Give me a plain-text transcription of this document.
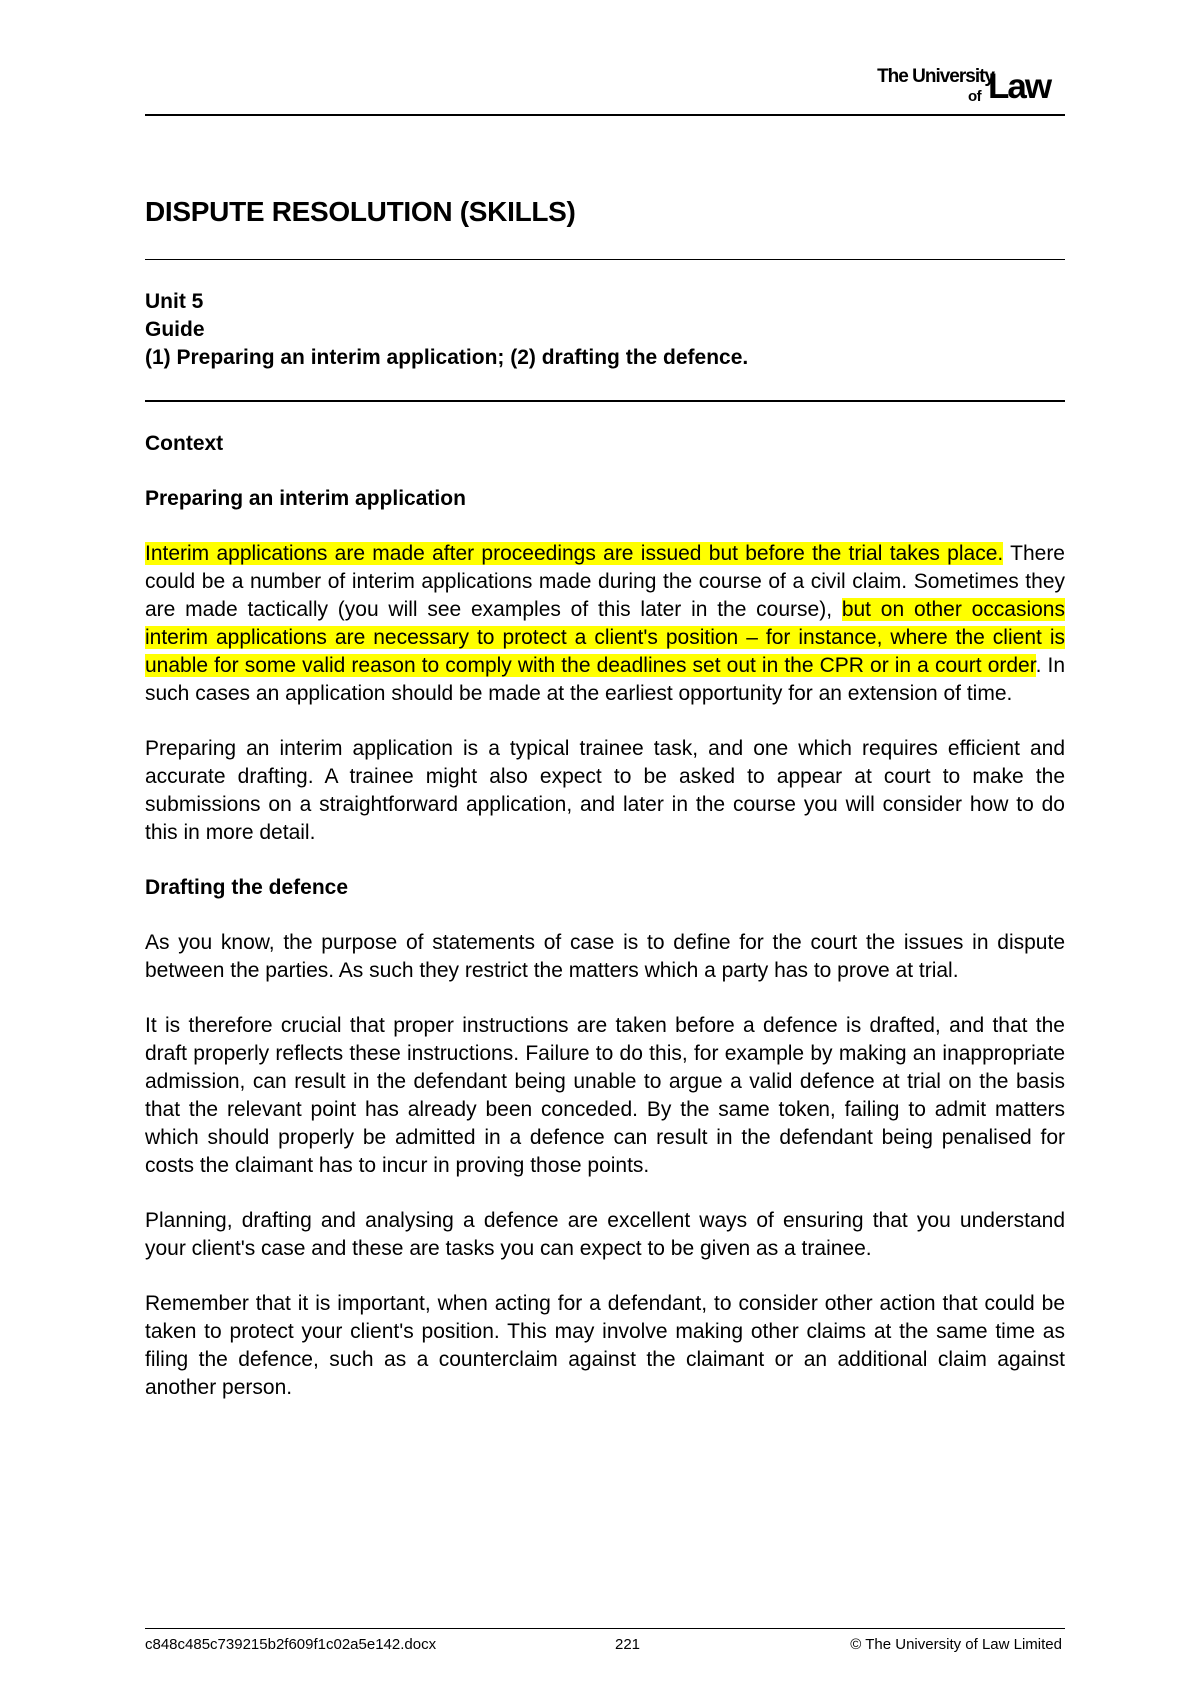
The University
of Law
DISPUTE RESOLUTION (SKILLS)
Unit 5
Guide
(1) Preparing an interim application; (2) drafting the defence.
Context
Preparing an interim application

Interim applications are made after proceedings are issued but before the trial takes place. There could be a number of interim applications made during the course of a civil claim. Sometimes they are made tactically (you will see examples of this later in the course), but on other occasions interim applications are necessary to protect a client's position – for instance, where the client is unable for some valid reason to comply with the deadlines set out in the CPR or in a court order. In such cases an application should be made at the earliest opportunity for an extension of time.

Preparing an interim application is a typical trainee task, and one which requires efficient and accurate drafting. A trainee might also expect to be asked to appear at court to make the submissions on a straightforward application, and later in the course you will consider how to do this in more detail.

Drafting the defence

As you know, the purpose of statements of case is to define for the court the issues in dispute between the parties. As such they restrict the matters which a party has to prove at trial.

It is therefore crucial that proper instructions are taken before a defence is drafted, and that the draft properly reflects these instructions. Failure to do this, for example by making an inappropriate admission, can result in the defendant being unable to argue a valid defence at trial on the basis that the relevant point has already been conceded. By the same token, failing to admit matters which should properly be admitted in a defence can result in the defendant being penalised for costs the claimant has to incur in proving those points.

Planning, drafting and analysing a defence are excellent ways of ensuring that you understand your client's case and these are tasks you can expect to be given as a trainee.

Remember that it is important, when acting for a defendant, to consider other action that could be taken to protect your client's position. This may involve making other claims at the same time as filing the defence, such as a counterclaim against the claimant or an additional claim against another person.

c848c485c739215b2f609f1c02a5e142.docx	221	© The University of Law Limited
